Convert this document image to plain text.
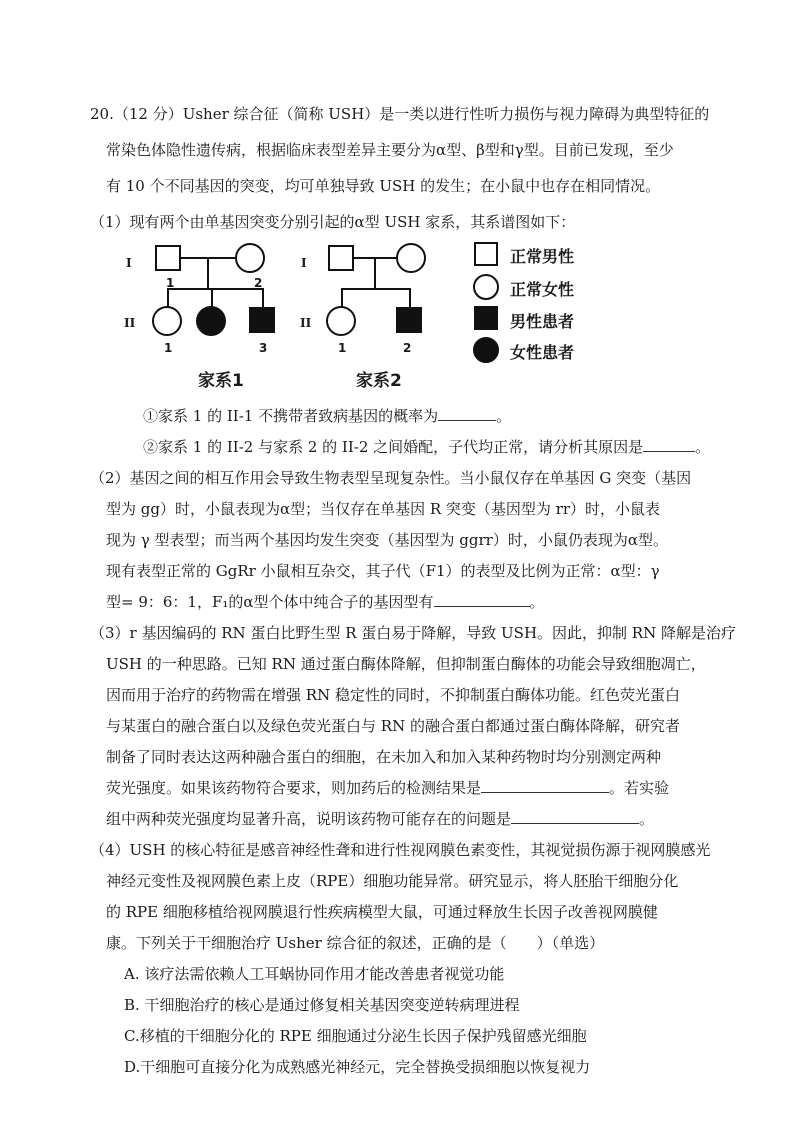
20.（12 分）Usher 综合征（简称 USH）是一类以进行性听力损伤与视力障碍为典型特征的
常染色体隐性遗传病，根据临床表型差异主要分为α型、β型和γ型。目前已发现，至少
有 10 个不同基因的突变，均可单独导致 USH 的发生；在小鼠中也存在相同情况。
（1）现有两个由单基因突变分别引起的α型 USH 家系，其系谱图如下：
I
II
1	2
1	3
家系1
I
II
1	2
家系2
正常男性
正常女性
男性患者
女性患者
①家系 1 的 II-1 不携带者致病基因的概率为	。
②家系 1 的 II-2 与家系 2 的 II-2 之间婚配，子代均正常，请分析其原因是	。
（2）基因之间的相互作用会导致生物表型呈现复杂性。当小鼠仅存在单基因 G 突变（基因
型为 gg）时，小鼠表现为α型；当仅存在单基因 R 突变（基因型为 rr）时，小鼠表
现为 γ 型表型；而当两个基因均发生突变（基因型为 ggrr）时，小鼠仍表现为α型。
现有表型正常的 GgRr 小鼠相互杂交，其子代（F1）的表型及比例为正常：α型：γ
型= 9：6：1，F₁的α型个体中纯合子的基因型有	。
（3）r 基因编码的 RN 蛋白比野生型 R 蛋白易于降解，导致 USH。因此，抑制 RN 降解是治疗
USH 的一种思路。已知 RN 通过蛋白酶体降解，但抑制蛋白酶体的功能会导致细胞凋亡，
因而用于治疗的药物需在增强 RN 稳定性的同时，不抑制蛋白酶体功能。红色荧光蛋白
与某蛋白的融合蛋白以及绿色荧光蛋白与 RN 的融合蛋白都通过蛋白酶体降解，研究者
制备了同时表达这两种融合蛋白的细胞，在未加入和加入某种药物时均分别测定两种
荧光强度。如果该药物符合要求，则加药后的检测结果是	。若实验
组中两种荧光强度均显著升高，说明该药物可能存在的问题是	。
（4）USH 的核心特征是感音神经性聋和进行性视网膜色素变性，其视觉损伤源于视网膜感光
神经元变性及视网膜色素上皮（RPE）细胞功能异常。研究显示，将人胚胎干细胞分化
的 RPE 细胞移植给视网膜退行性疾病模型大鼠，可通过释放生长因子改善视网膜健
康。下列关于干细胞治疗 Usher 综合征的叙述，正确的是（　　）（单选）
A. 该疗法需依赖人工耳蜗协同作用才能改善患者视觉功能
B. 干细胞治疗的核心是通过修复相关基因突变逆转病理进程
C.移植的干细胞分化的 RPE 细胞通过分泌生长因子保护残留感光细胞
D.干细胞可直接分化为成熟感光神经元，完全替换受损细胞以恢复视力
